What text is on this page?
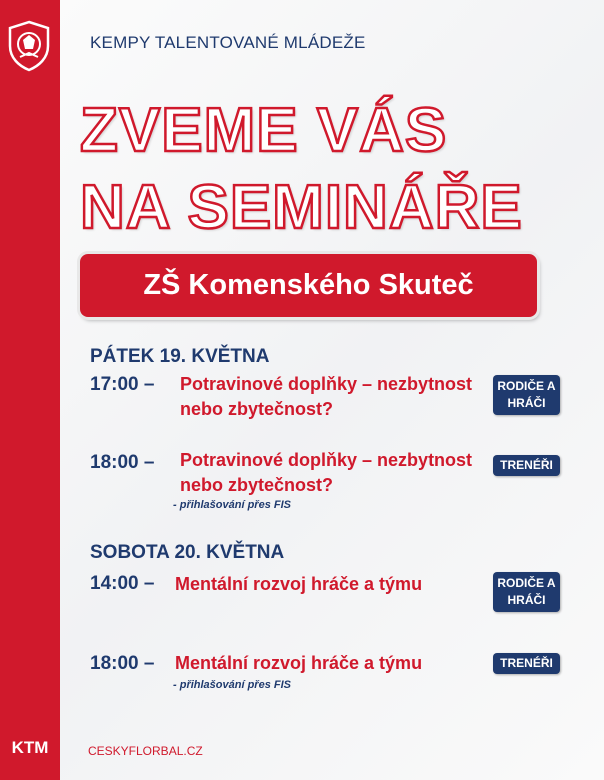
KTM
KEMPY TALENTOVANÉ MLÁDEŽE
ZVEME VÁS
NA SEMINÁŘE
ZŠ Komenského Skuteč
PÁTEK 19. KVĚTNA
17:00 – Potravinové doplňky – nezbytnost nebo zbytečnost?
RODIČE A HRÁČI
18:00 – Potravinové doplňky – nezbytnost nebo zbytečnost?
TRENÉŘI
- přihlašování přes FIS
SOBOTA 20. KVĚTNA
14:00 – Mentální rozvoj hráče a týmu	RODIČE A HRÁČI
18:00 – Mentální rozvoj hráče a týmu	TRENÉŘI
- přihlašování přes FIS
CESKYFLORBAL.CZ
